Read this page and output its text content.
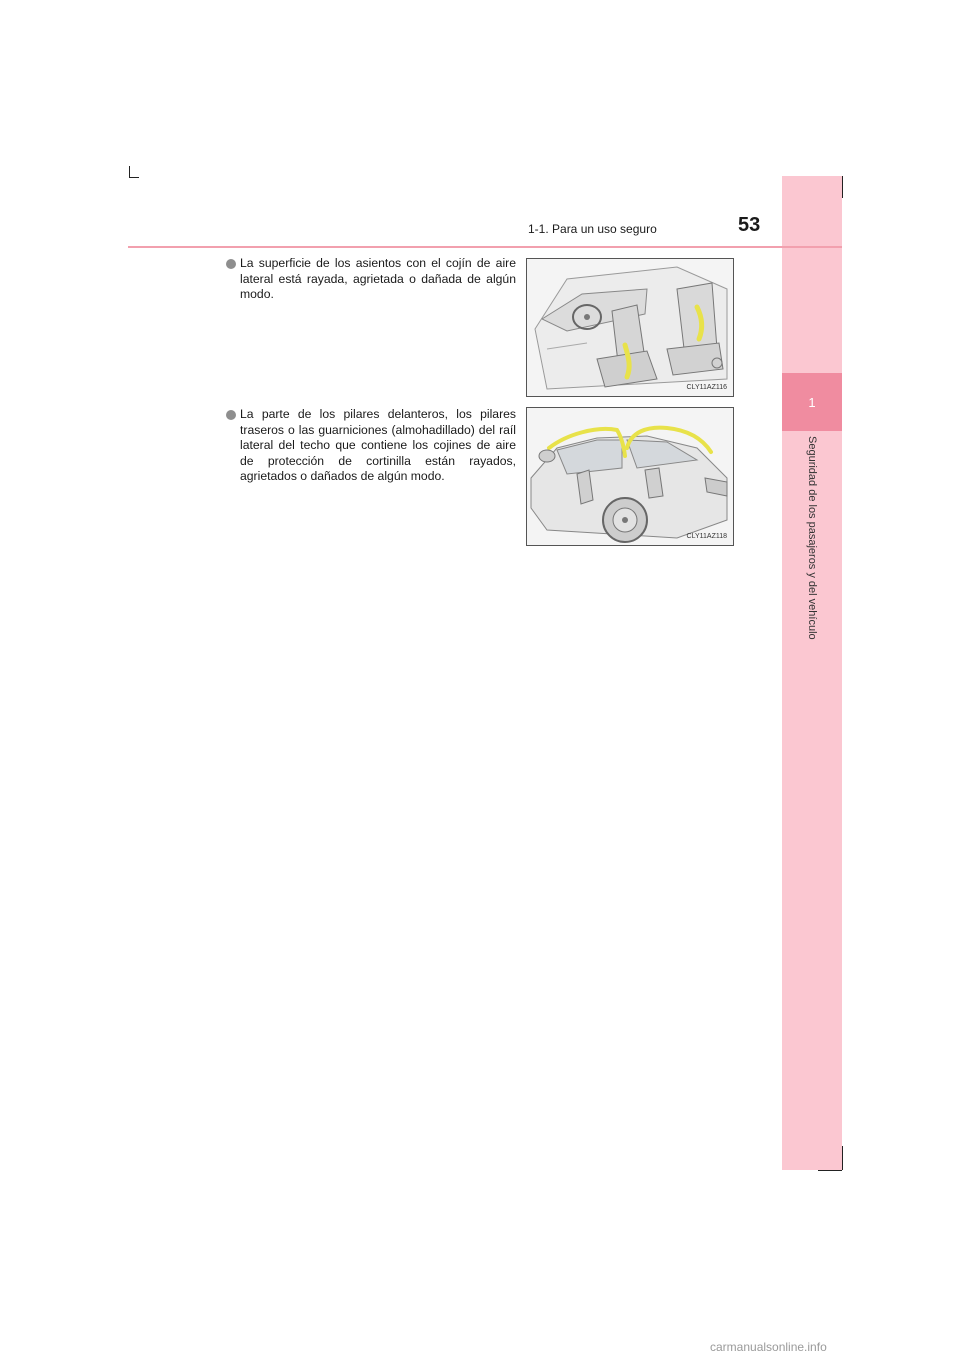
1
Seguridad de los pasajeros y del vehículo
1-1. Para un uso seguro	53
La superficie de los asientos con el cojín de aire lateral está rayada, agrietada o dañada de algún modo.
CLY11AZ116
La parte de los pilares delanteros, los pilares traseros o las guarniciones (almohadillado) del raíl lateral del techo que contiene los cojines de aire de protección de cortinilla están rayados, agrietados o dañados de algún modo.
CLY11AZ118
carmanualsonline.info
